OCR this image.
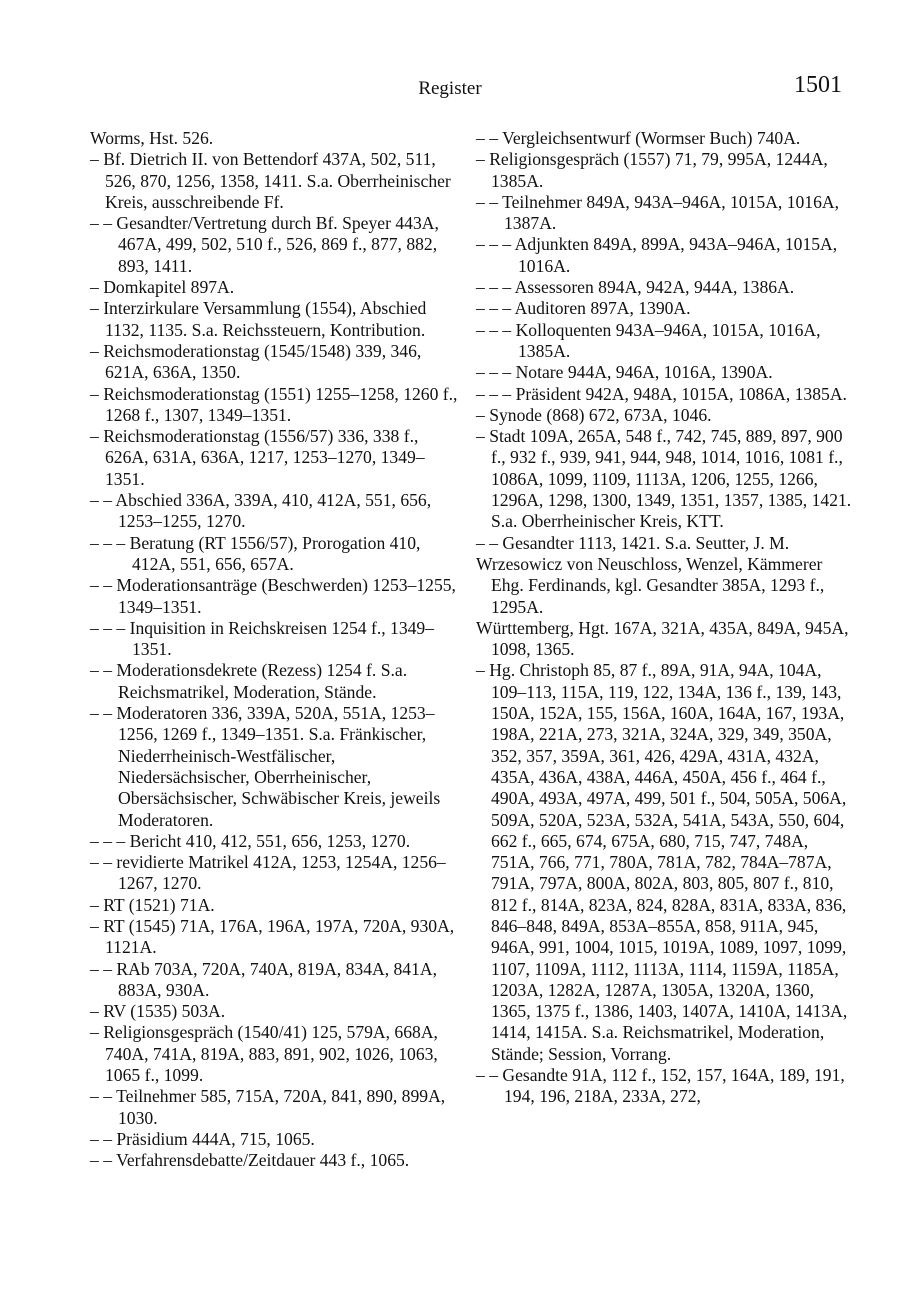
Register	1501

Worms, Hst. 526.

– Bf. Dietrich II. von Bettendorf 437A, 502, 511, 526, 870, 1256, 1358, 1411. S.a. Oberrheinischer Kreis, ausschreibende Ff.

– – Gesandter/Vertretung durch Bf. Speyer 443A, 467A, 499, 502, 510 f., 526, 869 f., 877, 882, 893, 1411.

– Domkapitel 897A.

– Interzirkulare Versammlung (1554), Abschied 1132, 1135. S.a. Reichssteuern, Kontribution.

– Reichsmoderationstag (1545/1548) 339, 346, 621A, 636A, 1350.

– Reichsmoderationstag (1551) 1255–1258, 1260 f., 1268 f., 1307, 1349–1351.

– Reichsmoderationstag (1556/57) 336, 338 f., 626A, 631A, 636A, 1217, 1253–1270, 1349–1351.

– – Abschied 336A, 339A, 410, 412A, 551, 656, 1253–1255, 1270.

– – – Beratung (RT 1556/57), Prorogation 410, 412A, 551, 656, 657A.

– – Moderationsanträge (Beschwerden) 1253–1255, 1349–1351.

– – – Inquisition in Reichskreisen 1254 f., 1349–1351.

– – Moderationsdekrete (Rezess) 1254 f. S.a. Reichsmatrikel, Moderation, Stände.

– – Moderatoren 336, 339A, 520A, 551A, 1253–1256, 1269 f., 1349–1351. S.a. Fränkischer, Niederrheinisch-Westfälischer, Niedersächsischer, Oberrheinischer, Obersächsischer, Schwäbischer Kreis, jeweils Moderatoren.

– – – Bericht 410, 412, 551, 656, 1253, 1270.

– – revidierte Matrikel 412A, 1253, 1254A, 1256–1267, 1270.

– RT (1521) 71A.

– RT (1545) 71A, 176A, 196A, 197A, 720A, 930A, 1121A.

– – RAb 703A, 720A, 740A, 819A, 834A, 841A, 883A, 930A.

– RV (1535) 503A.

– Religionsgespräch (1540/41) 125, 579A, 668A, 740A, 741A, 819A, 883, 891, 902, 1026, 1063, 1065 f., 1099.

– – Teilnehmer 585, 715A, 720A, 841, 890, 899A, 1030.

– – Präsidium 444A, 715, 1065.

– – Verfahrensdebatte/Zeitdauer 443 f., 1065.

– – Vergleichsentwurf (Wormser Buch) 740A.

– Religionsgespräch (1557) 71, 79, 995A, 1244A, 1385A.

– – Teilnehmer 849A, 943A–946A, 1015A, 1016A, 1387A.

– – – Adjunkten 849A, 899A, 943A–946A, 1015A, 1016A.

– – – Assessoren 894A, 942A, 944A, 1386A.

– – – Auditoren 897A, 1390A.

– – – Kolloquenten 943A–946A, 1015A, 1016A, 1385A.

– – – Notare 944A, 946A, 1016A, 1390A.

– – – Präsident 942A, 948A, 1015A, 1086A, 1385A.

– Synode (868) 672, 673A, 1046.

– Stadt 109A, 265A, 548 f., 742, 745, 889, 897, 900 f., 932 f., 939, 941, 944, 948, 1014, 1016, 1081 f., 1086A, 1099, 1109, 1113A, 1206, 1255, 1266, 1296A, 1298, 1300, 1349, 1351, 1357, 1385, 1421. S.a. Oberrheinischer Kreis, KTT.

– – Gesandter 1113, 1421. S.a. Seutter, J. M.

Wrzesowicz von Neuschloss, Wenzel, Kämmerer Ehg. Ferdinands, kgl. Gesandter 385A, 1293 f., 1295A.

Württemberg, Hgt. 167A, 321A, 435A, 849A, 945A, 1098, 1365.

– Hg. Christoph 85, 87 f., 89A, 91A, 94A, 104A, 109–113, 115A, 119, 122, 134A, 136 f., 139, 143, 150A, 152A, 155, 156A, 160A, 164A, 167, 193A, 198A, 221A, 273, 321A, 324A, 329, 349, 350A, 352, 357, 359A, 361, 426, 429A, 431A, 432A, 435A, 436A, 438A, 446A, 450A, 456 f., 464 f., 490A, 493A, 497A, 499, 501 f., 504, 505A, 506A, 509A, 520A, 523A, 532A, 541A, 543A, 550, 604, 662 f., 665, 674, 675A, 680, 715, 747, 748A, 751A, 766, 771, 780A, 781A, 782, 784A–787A, 791A, 797A, 800A, 802A, 803, 805, 807 f., 810, 812 f., 814A, 823A, 824, 828A, 831A, 833A, 836, 846–848, 849A, 853A–855A, 858, 911A, 945, 946A, 991, 1004, 1015, 1019A, 1089, 1097, 1099, 1107, 1109A, 1112, 1113A, 1114, 1159A, 1185A, 1203A, 1282A, 1287A, 1305A, 1320A, 1360, 1365, 1375 f., 1386, 1403, 1407A, 1410A, 1413A, 1414, 1415A. S.a. Reichsmatrikel, Moderation, Stände; Session, Vorrang.

– – Gesandte 91A, 112 f., 152, 157, 164A, 189, 191, 194, 196, 218A, 233A, 272,
